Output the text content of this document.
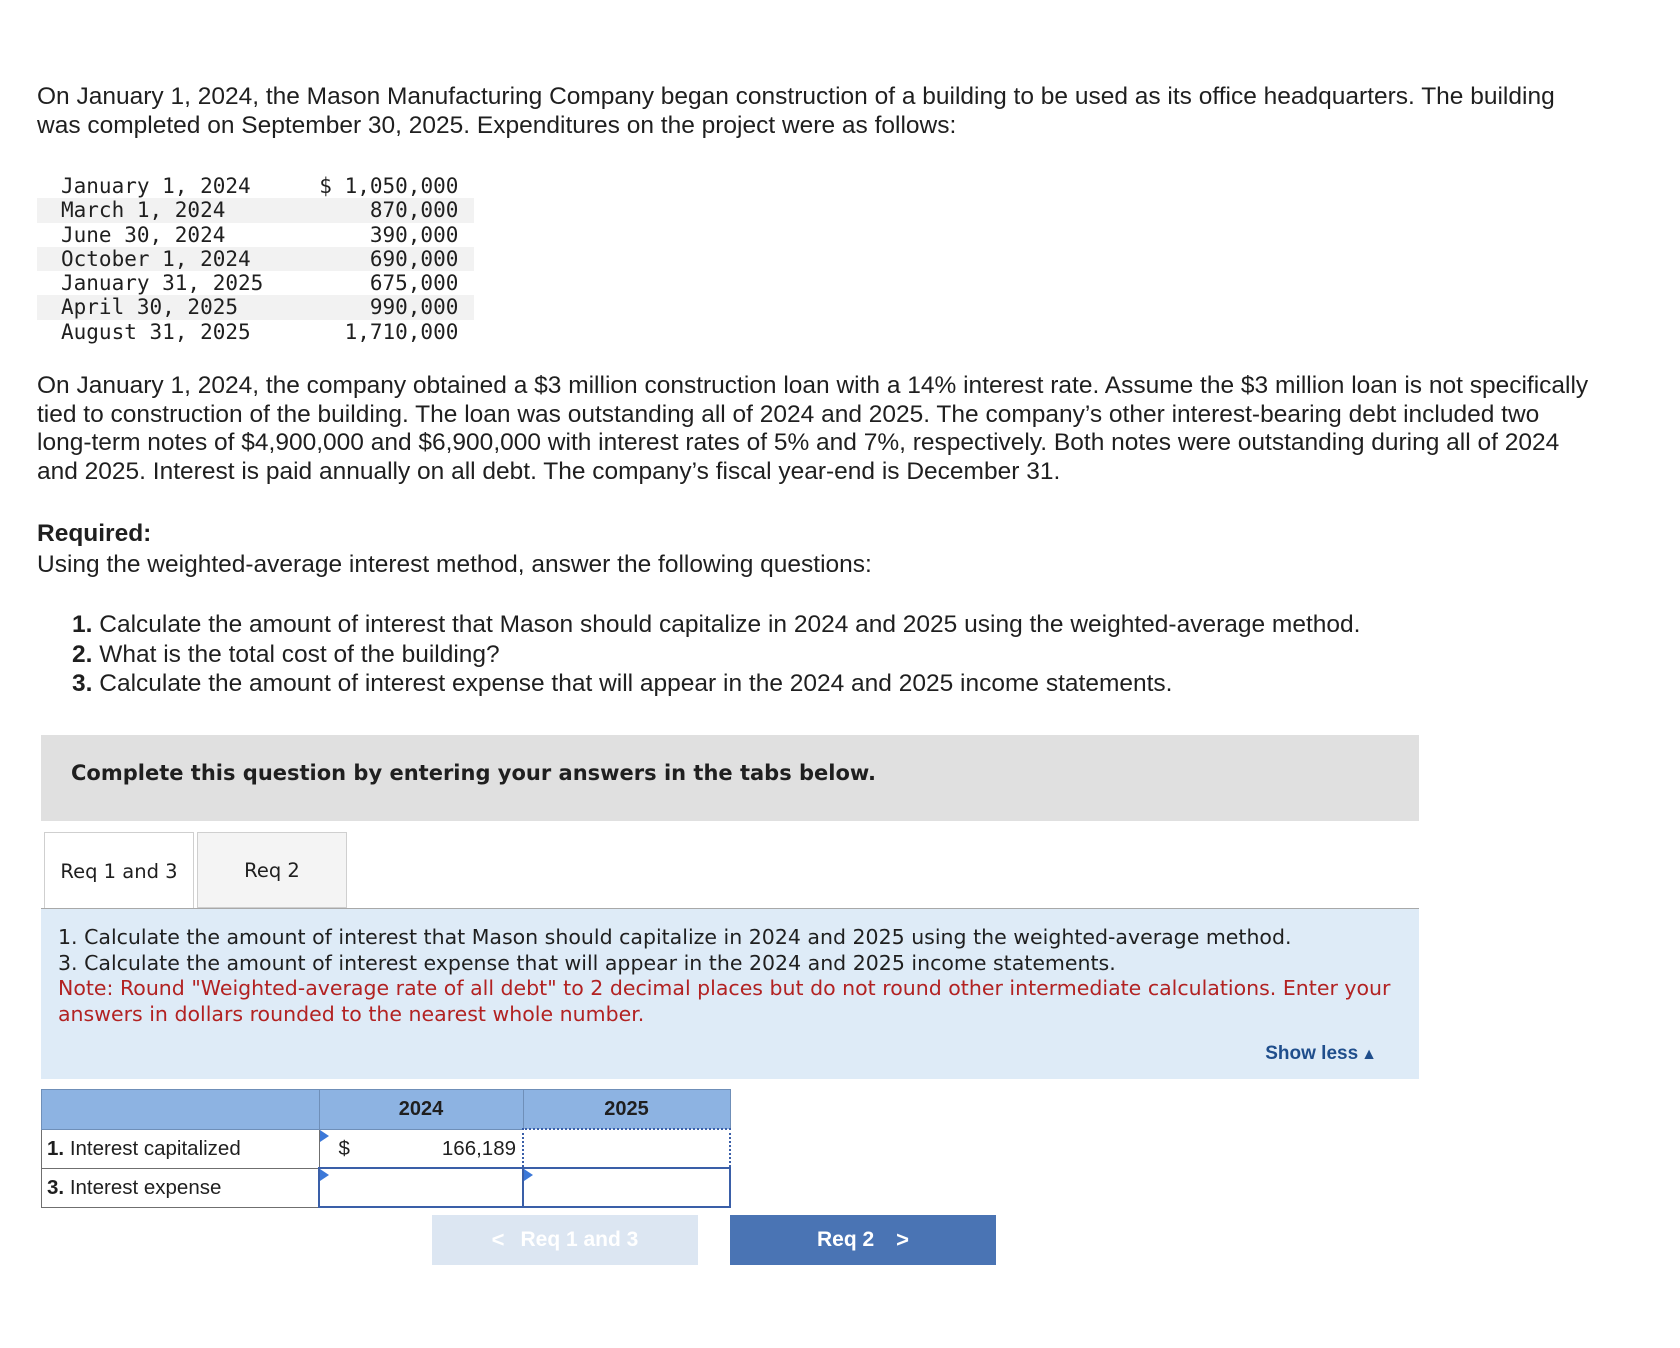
On January 1, 2024, the Mason Manufacturing Company began construction of a building to be used as its office headquarters. The building was completed on September 30, 2025. Expenditures on the project were as follows:

January 1, 2024	$ 1,050,000
March 1, 2024	870,000
June 30, 2024	390,000
October 1, 2024	690,000
January 31, 2025	675,000
April 30, 2025	990,000
August 31, 2025	1,710,000

On January 1, 2024, the company obtained a $3 million construction loan with a 14% interest rate. Assume the $3 million loan is not specifically tied to construction of the building. The loan was outstanding all of 2024 and 2025. The company’s other interest-bearing debt included two long-term notes of $4,900,000 and $6,900,000 with interest rates of 5% and 7%, respectively. Both notes were outstanding during all of 2024 and 2025. Interest is paid annually on all debt. The company’s fiscal year-end is December 31.

Required:

Using the weighted-average interest method, answer the following questions:

1. Calculate the amount of interest that Mason should capitalize in 2024 and 2025 using the weighted-average method.
2. What is the total cost of the building?
3. Calculate the amount of interest expense that will appear in the 2024 and 2025 income statements.
Complete this question by entering your answers in the tabs below.
Req 1 and 3	Req 2

1. Calculate the amount of interest that Mason should capitalize in 2024 and 2025 using the weighted-average method.

3. Calculate the amount of interest expense that will appear in the 2024 and 2025 income statements.

Note: Round "Weighted-average rate of all debt" to 2 decimal places but do not round other intermediate calculations. Enter your answers in dollars rounded to the nearest whole number.

Show less ▲
	2024	2025
1. Interest capitalized	$ 166,189	

3. Interest expense	

< Req 1 and 3	Req 2 >
